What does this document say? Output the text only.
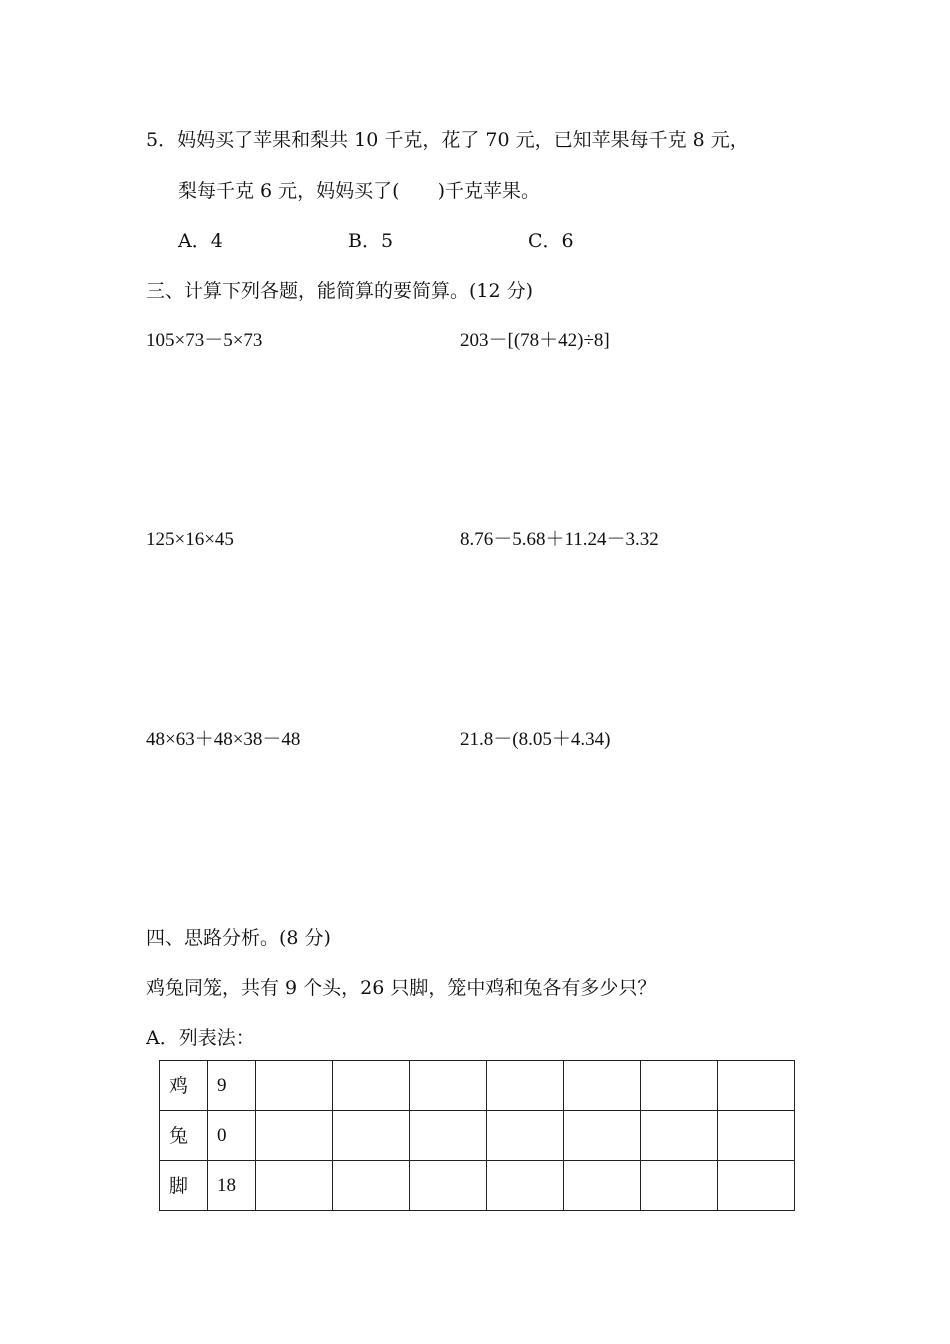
5．妈妈买了苹果和梨共 10 千克，花了 70 元，已知苹果每千克 8 元，
梨每千克 6 元，妈妈买了(　　)千克苹果。
A．4	B．5	C．6
三、计算下列各题，能简算的要简算。(12 分)
105×73－5×73	203－[(78＋42)÷8]
125×16×45	8.76－5.68＋11.24－3.32
48×63＋48×38－48	21.8－(8.05＋4.34)
四、思路分析。(8 分)
鸡兔同笼，共有 9 个头，26 只脚，笼中鸡和兔各有多少只？
A．列表法：
鸡	9							
兔	0							
脚	18							
